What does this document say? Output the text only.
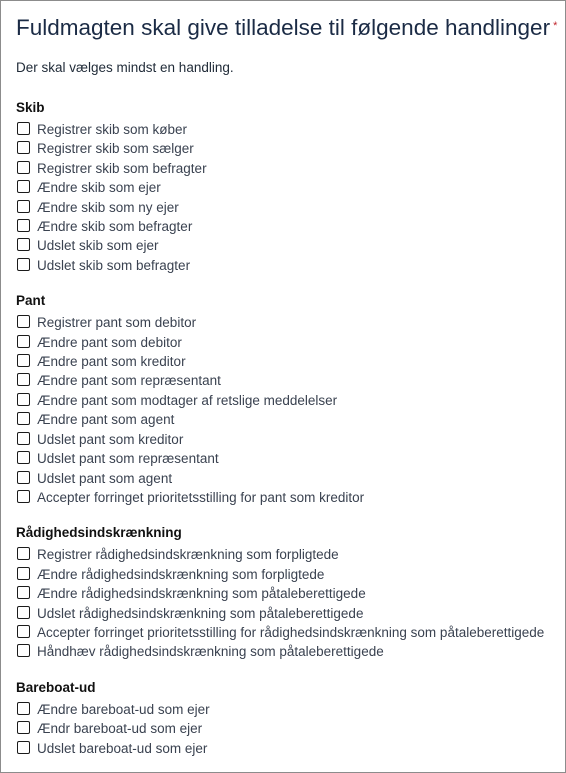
Fuldmagten skal give tilladelse til følgende handlinger *
Der skal vælges mindst en handling.
Skib
Registrer skib som køber
Registrer skib som sælger
Registrer skib som befragter
Ændre skib som ejer
Ændre skib som ny ejer
Ændre skib som befragter
Udslet skib som ejer
Udslet skib som befragter
Pant
Registrer pant som debitor
Ændre pant som debitor
Ændre pant som kreditor
Ændre pant som repræsentant
Ændre pant som modtager af retslige meddelelser
Ændre pant som agent
Udslet pant som kreditor
Udslet pant som repræsentant
Udslet pant som agent
Accepter forringet prioritetsstilling for pant som kreditor
Rådighedsindskrænkning
Registrer rådighedsindskrænkning som forpligtede
Ændre rådighedsindskrænkning som forpligtede
Ændre rådighedsindskrænkning som påtaleberettigede
Udslet rådighedsindskrænkning som påtaleberettigede
Accepter forringet prioritetsstilling for rådighedsindskrænkning som påtaleberettigede
Håndhæv rådighedsindskrænkning som påtaleberettigede
Bareboat-ud
Ændre bareboat-ud som ejer
Ændr bareboat-ud som ejer
Udslet bareboat-ud som ejer
